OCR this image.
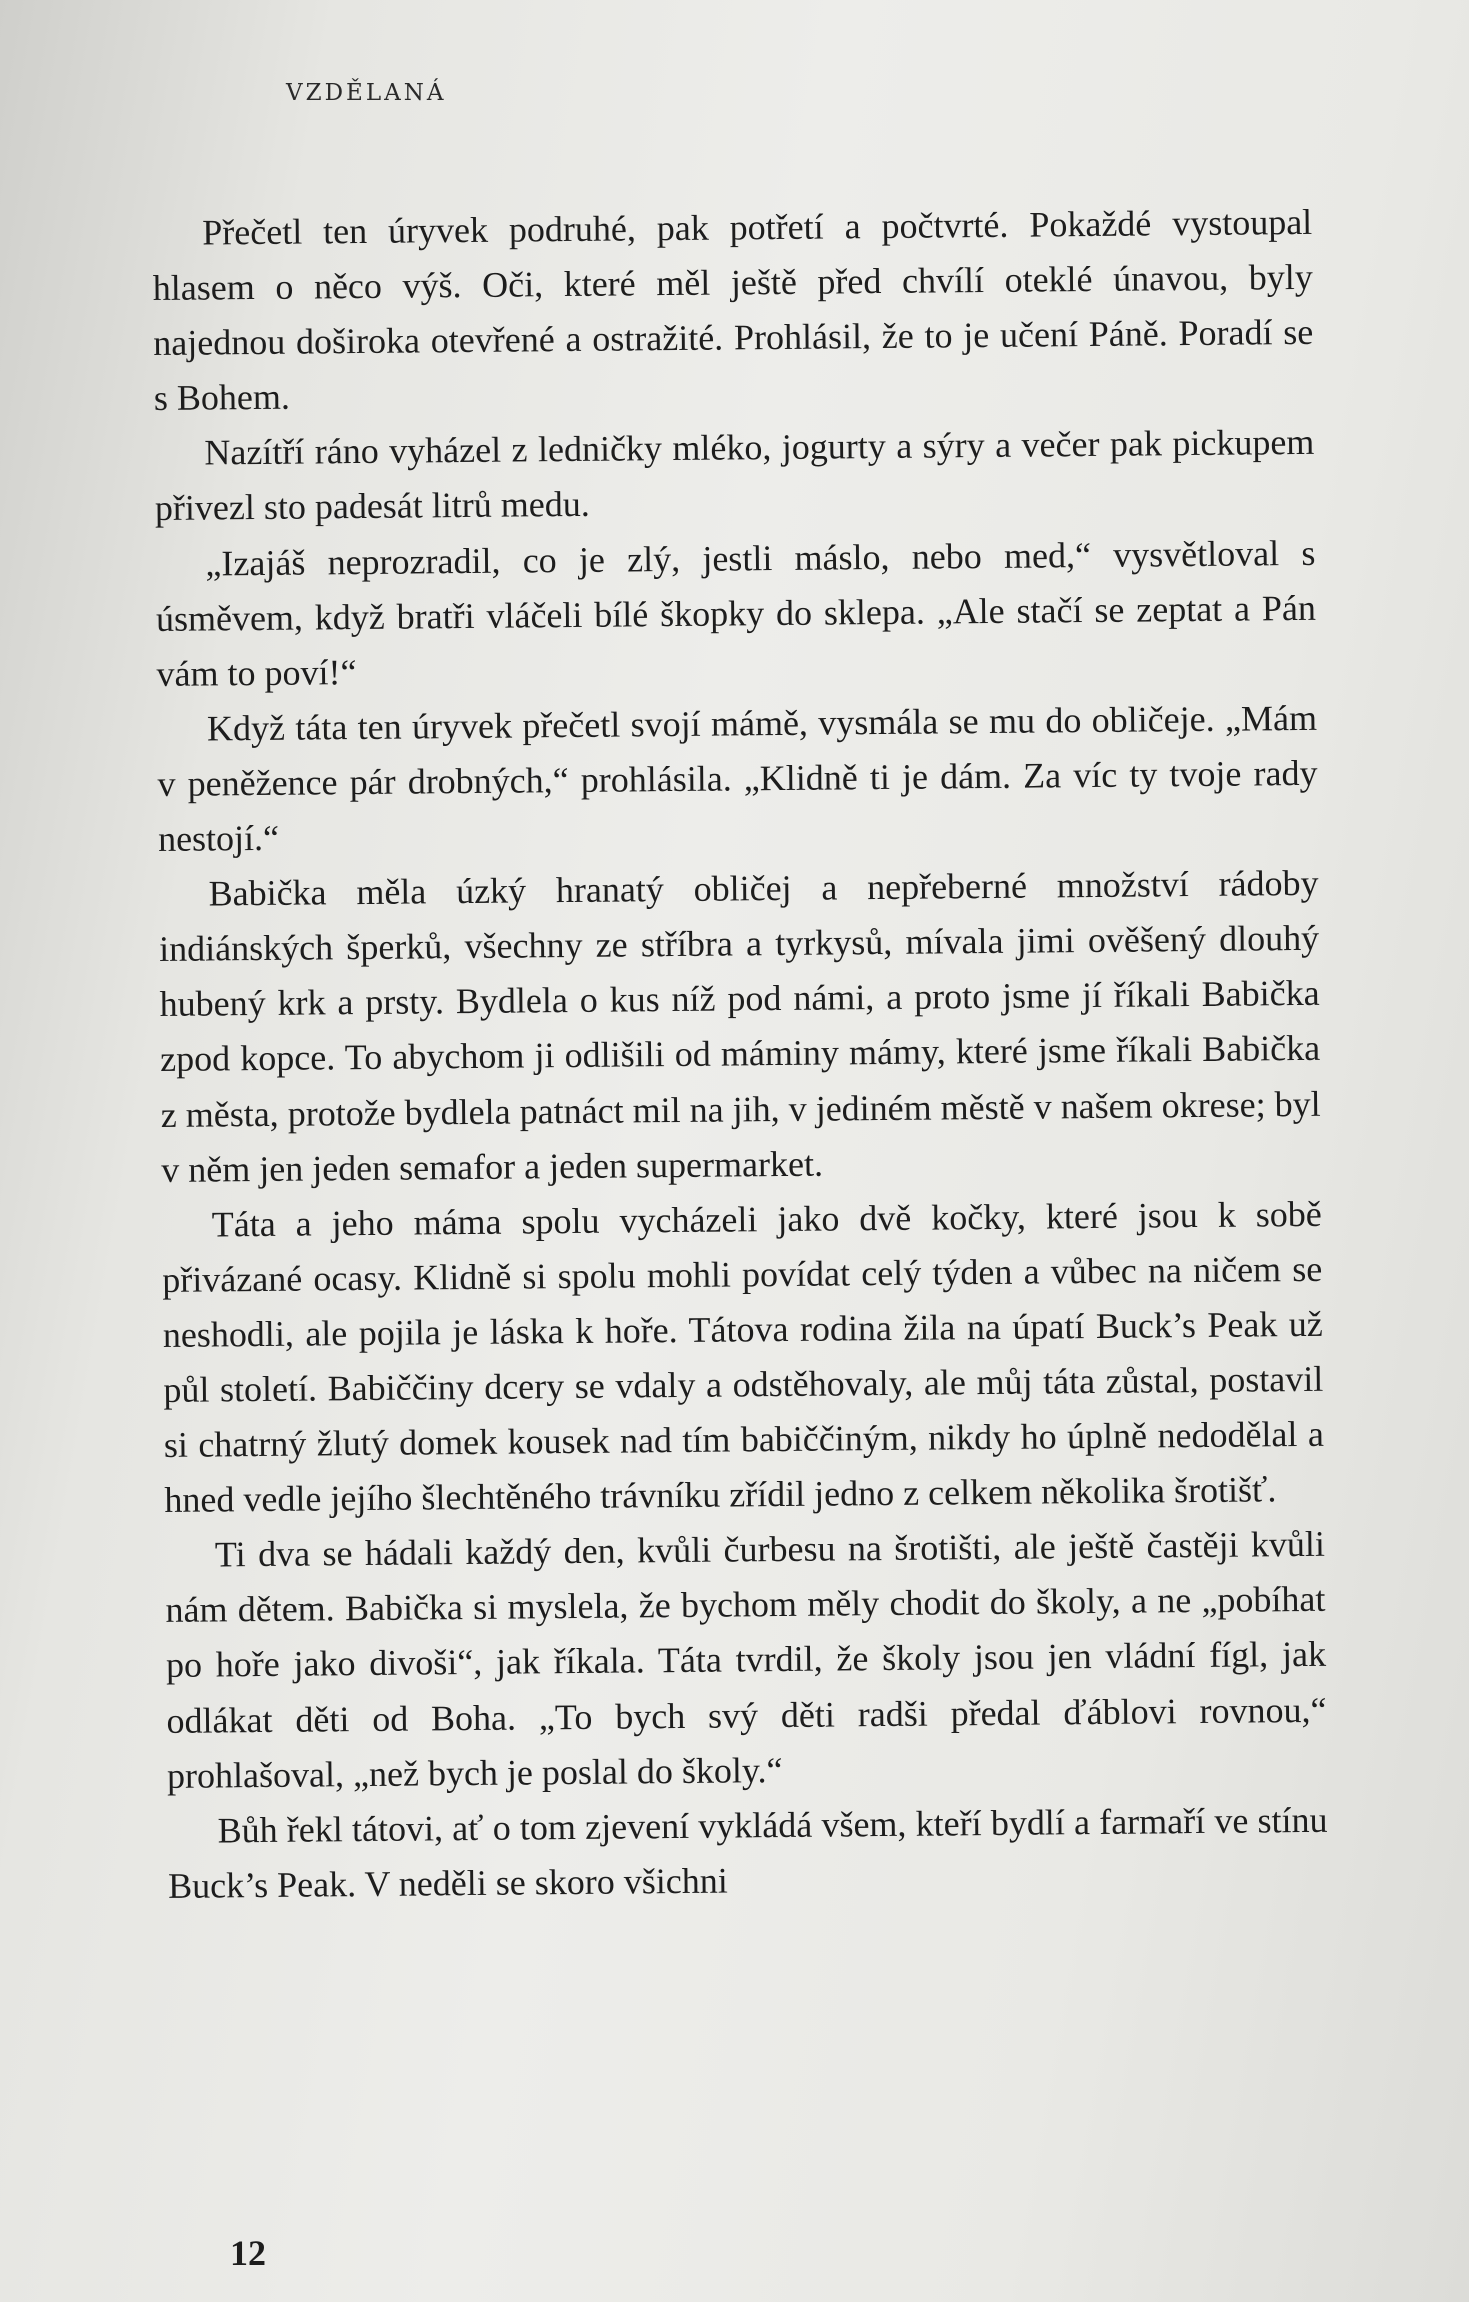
VZDĚLANÁ

Přečetl ten úryvek podruhé, pak potřetí a počtvrté. Pokaždé vystoupal hlasem o něco výš. Oči, které měl ještě před chvílí oteklé únavou, byly najednou doširoka otevřené a ostražité. Prohlásil, že to je učení Páně. Poradí se s Bohem.

Nazítří ráno vyházel z ledničky mléko, jogurty a sýry a večer pak pickupem přivezl sto padesát litrů medu.

„Izajáš neprozradil, co je zlý, jestli máslo, nebo med,“ vysvětloval s úsměvem, když bratři vláčeli bílé škopky do sklepa. „Ale stačí se zeptat a Pán vám to poví!“

Když táta ten úryvek přečetl svojí mámě, vysmála se mu do obličeje. „Mám v peněžence pár drobných,“ prohlásila. „Klidně ti je dám. Za víc ty tvoje rady nestojí.“

Babička měla úzký hranatý obličej a nepřeberné množství rádoby indiánských šperků, všechny ze stříbra a tyrkysů, mívala jimi ověšený dlouhý hubený krk a prsty. Bydlela o kus níž pod námi, a proto jsme jí říkali Babička zpod kopce. To abychom ji odlišili od máminy mámy, které jsme říkali Babička z města, protože bydlela patnáct mil na jih, v jediném městě v našem okrese; byl v něm jen jeden semafor a jeden supermarket.

Táta a jeho máma spolu vycházeli jako dvě kočky, které jsou k sobě přivázané ocasy. Klidně si spolu mohli povídat celý týden a vůbec na ničem se neshodli, ale pojila je láska k hoře. Tátova rodina žila na úpatí Buck’s Peak už půl století. Babiččiny dcery se vdaly a odstěhovaly, ale můj táta zůstal, postavil si chatrný žlutý domek kousek nad tím babiččiným, nikdy ho úplně nedodělal a hned vedle jejího šlechtěného trávníku zřídil jedno z celkem několika šrotišť.

Ti dva se hádali každý den, kvůli čurbesu na šrotišti, ale ještě častěji kvůli nám dětem. Babička si myslela, že bychom měly chodit do školy, a ne „pobíhat po hoře jako divoši“, jak říkala. Táta tvrdil, že školy jsou jen vládní fígl, jak odlákat děti od Boha. „To bych svý děti radši předal ďáblovi rovnou,“ prohlašoval, „než bych je poslal do školy.“

Bůh řekl tátovi, ať o tom zjevení vykládá všem, kteří bydlí a farmaří ve stínu Buck’s Peak. V neděli se skoro všichni

12
